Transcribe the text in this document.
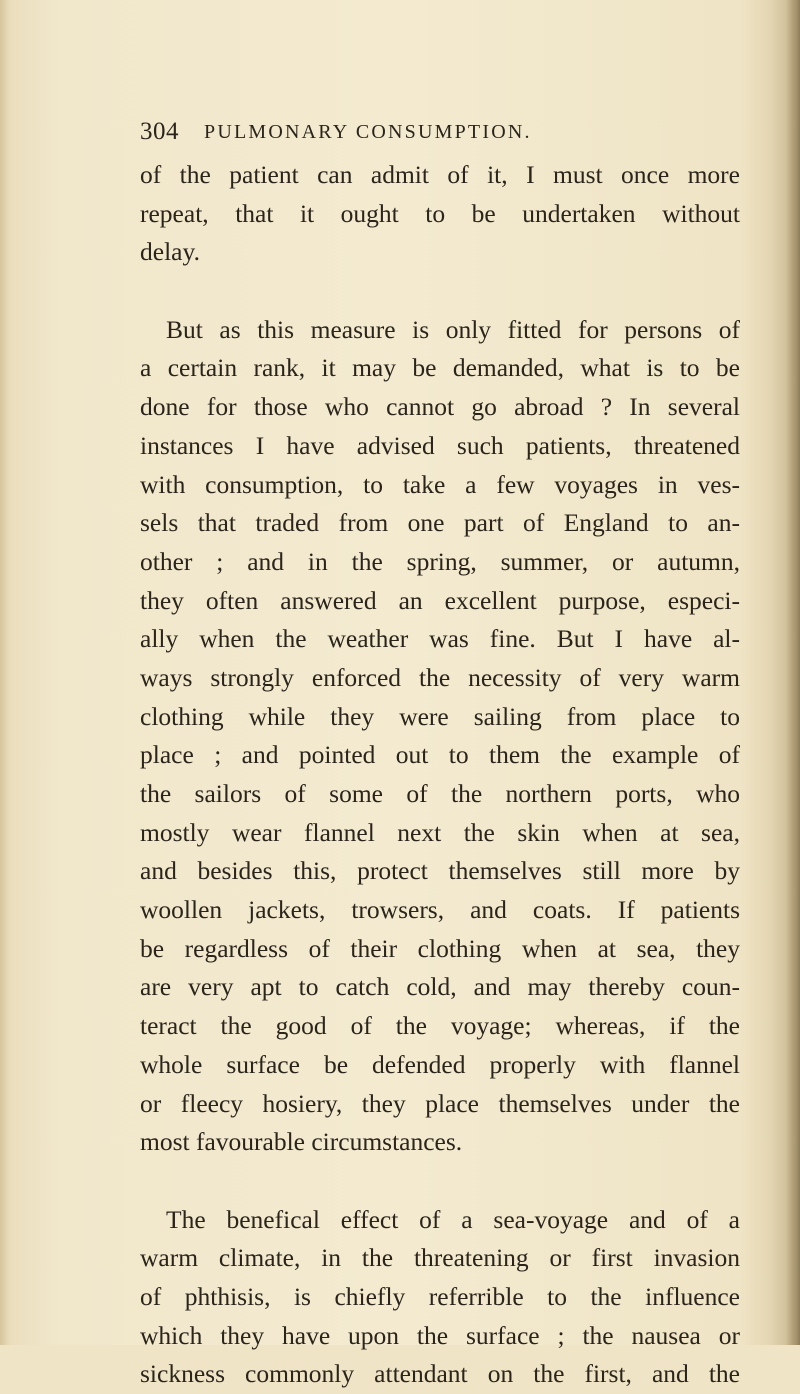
304 PULMONARY CONSUMPTION.
of the patient can admit of it, I must once more
repeat, that it ought to be undertaken without
delay.
But as this measure is only fitted for persons of
a certain rank, it may be demanded, what is to be
done for those who cannot go abroad ? In several
instances I have advised such patients, threatened
with consumption, to take a few voyages in ves-
sels that traded from one part of England to an-
other ; and in the spring, summer, or autumn,
they often answered an excellent purpose, especi-
ally when the weather was fine. But I have al-
ways strongly enforced the necessity of very warm
clothing while they were sailing from place to
place ; and pointed out to them the example of
the sailors of some of the northern ports, who
mostly wear flannel next the skin when at sea,
and besides this, protect themselves still more by
woollen jackets, trowsers, and coats. If patients
be regardless of their clothing when at sea, they
are very apt to catch cold, and may thereby coun-
teract the good of the voyage; whereas, if the
whole surface be defended properly with flannel
or fleecy hosiery, they place themselves under the
most favourable circumstances.
The benefical effect of a sea-voyage and of a
warm climate, in the threatening or first invasion
of phthisis, is chiefly referrible to the influence
which they have upon the surface ; the nausea or
sickness commonly attendant on the first, and the
